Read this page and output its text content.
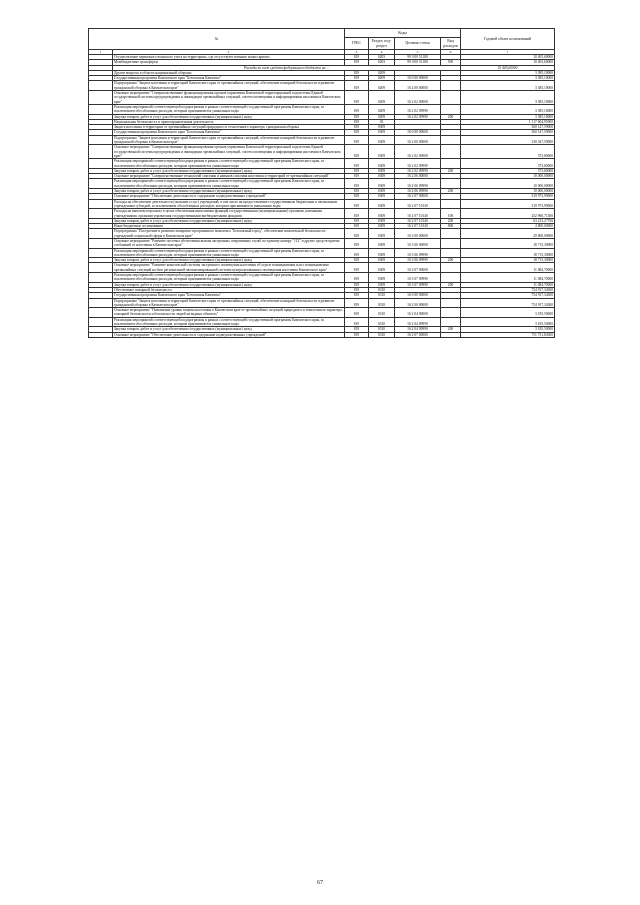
№		Коды				Годовой объем ассигнований
		ГРБС	Раздел, под-раздел	Целевая статья	Вид расходов	
1	2	3	4	5	6	7
	Осуществление первичного воинского учета на территориях, где отсутствуют военные комиссариаты	819	0203	99 0 00 51180		10 405,60000
	Межбюджетные трансферты	819	0203	99 0 00 51180	500	10 405,60000
	Расходы за счет средств федерального бюджета на ...					10 405,60000
	Другие вопросы в области национальной обороны	819	0209			3 385,10000
	Государственная программа Камчатского края "Безопасная Камчатка"	819	0209	16 0 00 00000		3 385,10000
	Подпрограмма "Защита населения и территорий Камчатского края от чрезвычайных ситуаций, обеспечение пожарной безопасности и развитие гражданской обороны в Камчатском крае"	819	0209	16 2 00 00000		3 385,10000
	Основное мероприятие "Совершенствование функционирования органов управления Камчатской территориальной подсистемы Единой государственной системы предупреждения и ликвидации чрезвычайных ситуаций, систем оповещения и информирования населения в Камчатском крае"	819	0209	16 2 02 00000		3 385,10000
	Реализация мероприятий соответствующей подпрограммы в рамках соответствующей государственной программы Камчатского края, за исключением обособленных расходов, которым присваиваются уникальные коды	819	0209	16 2 02 09990		3 385,10000
	Закупка товаров, работ и услуг для обеспечения государственных (муниципальных) нужд	819	0209	16 2 02 09990	200	3 385,10000
	Национальная безопасность и правоохранительная деятельность	819	03			1 117 604,95900
	Защита населения и территории от чрезвычайных ситуаций природного и техногенного характера, гражданская оборона	819	0309			360 147,59000
	Государственная программа Камчатского края "Безопасная Камчатка"	819	0309	16 0 00 00000		360 147,59000
	Подпрограмма "Защита населения и территорий Камчатского края от чрезвычайных ситуаций, обеспечение пожарной безопасности и развитие гражданской обороны в Камчатском крае"	819	0309	16 2 00 00000		330 347,59000
	Основное мероприятие "Совершенствование функционирования органов управления Камчатской территориальной подсистемы Единой государственной системы предупреждения и ликвидации чрезвычайных ситуаций, систем оповещения и информирования населения в Камчатском крае"	819	0309	16 2 02 00000		373,60000
	Реализация мероприятий соответствующей подпрограммы в рамках соответствующей государственной программы Камчатского края, за исключением обособленных расходов, которым присваиваются уникальные коды	819	0309	16 2 02 09990		373,60000
	Закупка товаров, работ и услуг для обеспечения государственных (муниципальных) нужд	819	0309	16 2 02 09990	200	373,60000
	Основное мероприятие "Совершенствование технологий спасения и навыков спасения населения и территорий от чрезвычайных ситуаций"	819	0309	16 2 06 00000		10 000,00000
	Реализация мероприятий соответствующей подпрограммы в рамках соответствующей государственной программы Камчатского края, за исключением обособленных расходов, которым присваиваются уникальные коды	819	0309	16 2 06 09990		10 000,00000
	Закупка товаров, работ и услуг для обеспечения государственных (муниципальных) нужд	819	0309	16 2 06 09990	200	10 000,00000
	Основное мероприятие "Обеспечение деятельности и содержание подведомственных учреждений"	819	0309	16 2 07 00000		319 973,99000
	Расходы на обеспечение деятельности (оказание услуг) учреждений, в том числе на предоставление государственным бюджетным и автономным учреждениям субсидий, за исключением обособленных расходов, которым присваиваются уникальные коды	819	0309	16 2 07 10140		319 973,99000
	Расходы на выплаты персоналу в целях обеспечения выполнения функций государственными (муниципальными) органами, казенными учреждениями, органами управления государственными внебюджетными фондами	819	0309	16 2 07 10140	100	252 960,71300
	Закупка товаров, работ и услуг для обеспечения государственных (муниципальных) нужд	819	0309	16 2 07 10140	200	63 213,27700
	Иные бюджетные ассигнования	819	0309	16 2 07 10140	800	4 800,00000
	Подпрограмма "Построение и развитие аппаратно-программного комплекса "Безопасный город", обеспечение комплексной безопасности учреждений социальной сферы в Камчатском крае"	819	0309	16 3 00 00000		29 800,00000
	Основное мероприятие "Развитие системы обеспечения вызова экстренных оперативных служб по единому номеру "112" и других средств приема сообщений от населения в Камчатском крае"	819	0309	16 3 06 00000		18 715,30000
	Реализация мероприятий соответствующей подпрограммы в рамках соответствующей государственной программы Камчатского края, за исключением обособленных расходов, которым присваиваются уникальные коды	819	0309	16 3 06 09990		18 715,30000
	Закупка товаров, работ и услуг для обеспечения государственных (муниципальных) нужд	819	0309	16 3 06 09990	200	18 715,30000
	Основное мероприятие "Развитие комплексной системы экстренного оповещения населения об угрозе возникновения или о возникновении чрезвычайных ситуаций на базе региональной автоматизированной системы централизованного оповещения населения Камчатского края"	819	0309	16 3 07 00000		11 084,70000
	Реализация мероприятий соответствующей подпрограммы в рамках соответствующей государственной программы Камчатского края, за исключением обособленных расходов, которым присваиваются уникальные коды	819	0309	16 3 07 09990		11 084,70000
	Закупка товаров, работ и услуг для обеспечения государственных (муниципальных) нужд	819	0309	16 3 07 09990	200	11 084,70000
	Обеспечение пожарной безопасности	819	0310			754 917,34300
	Государственная программа Камчатского края "Безопасная Камчатка"	819	0310	16 0 00 00000		754 917,34300
	Подпрограмма "Защита населения и территорий Камчатского края от чрезвычайных ситуаций, обеспечение пожарной безопасности и развитие гражданской обороны в Камчатском крае"	819	0310	16 2 00 00000		754 917,34300
	Основное мероприятие "Повышение уровня защиты населения в Камчатском крае от чрезвычайных ситуаций природного и техногенного характера, пожарной безопасности и безопасности людей на водных объектах"	819	0310	16 2 04 00000		3 185,50000
	Реализация мероприятий соответствующей подпрограммы в рамках соответствующей государственной программы Камчатского края, за исключением обособленных расходов, которым присваиваются уникальные коды	819	0310	16 2 04 09990		3 185,50000
	Закупка товаров, работ и услуг для обеспечения государственных (муниципальных) нужд	819	0310	16 2 04 09990	200	3 185,50000
	Основное мероприятие "Обеспечение деятельности и содержание подведомственных учреждений"	819	0310	16 2 07 00000		751 731,84300
67
